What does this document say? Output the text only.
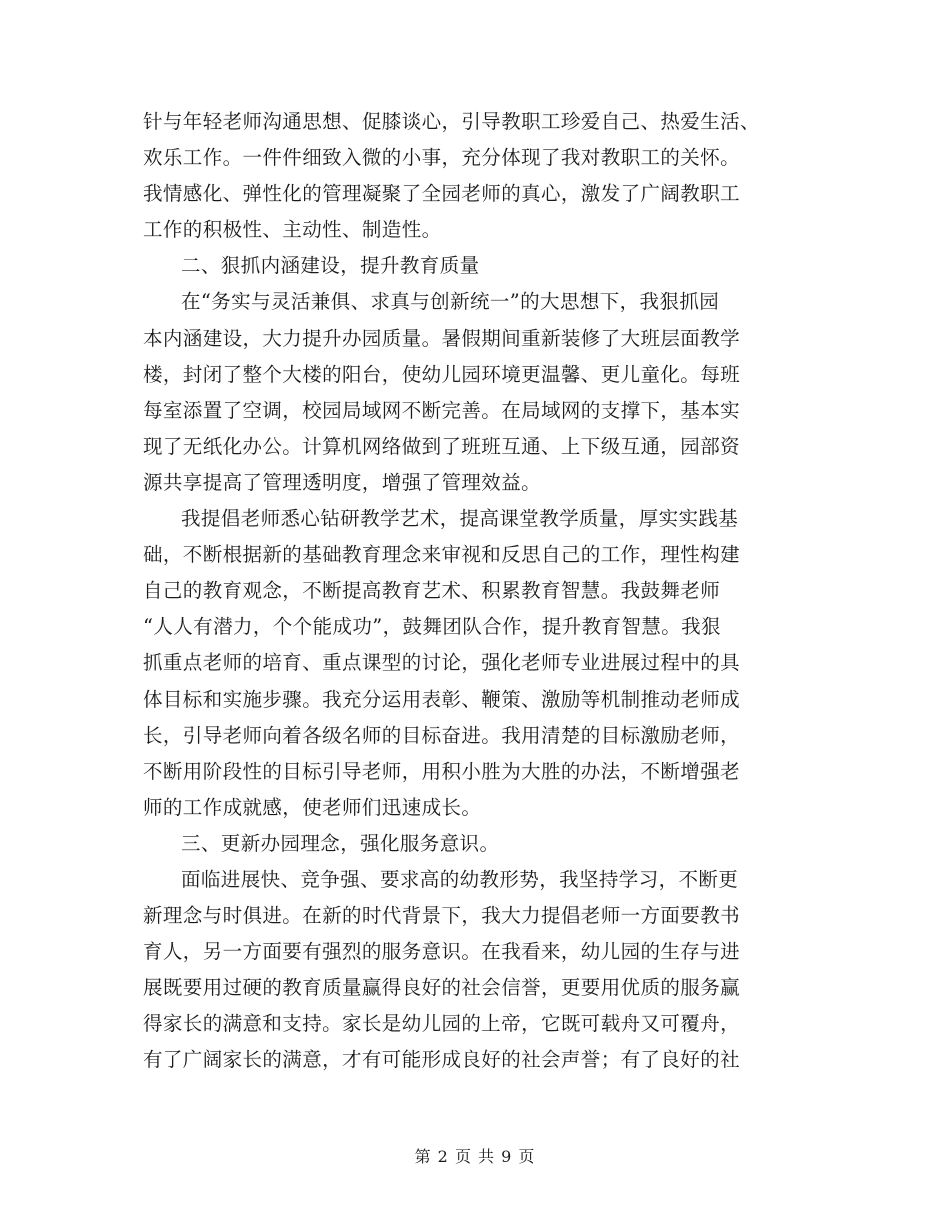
针与年轻老师沟通思想、促膝谈心，引导教职工珍爱自己、热爱生活、
欢乐工作。一件件细致入微的小事，充分体现了我对教职工的关怀。
我情感化、弹性化的管理凝聚了全园老师的真心，激发了广阔教职工
工作的积极性、主动性、制造性。
二、狠抓内涵建设，提升教育质量
在“务实与灵活兼俱、求真与创新统一”的大思想下，我狠抓园
本内涵建设，大力提升办园质量。暑假期间重新装修了大班层面教学
楼，封闭了整个大楼的阳台，使幼儿园环境更温馨、更儿童化。每班
每室添置了空调，校园局域网不断完善。在局域网的支撑下，基本实
现了无纸化办公。计算机网络做到了班班互通、上下级互通，园部资
源共享提高了管理透明度，增强了管理效益。
我提倡老师悉心钻研教学艺术，提高课堂教学质量，厚实实践基
础，不断根据新的基础教育理念来审视和反思自己的工作，理性构建
自己的教育观念，不断提高教育艺术、积累教育智慧。我鼓舞老师
“人人有潜力，个个能成功”，鼓舞团队合作，提升教育智慧。我狠
抓重点老师的培育、重点课型的讨论，强化老师专业进展过程中的具
体目标和实施步骤。我充分运用表彰、鞭策、激励等机制推动老师成
长，引导老师向着各级名师的目标奋进。我用清楚的目标激励老师，
不断用阶段性的目标引导老师，用积小胜为大胜的办法，不断增强老
师的工作成就感，使老师们迅速成长。
三、更新办园理念，强化服务意识。
面临进展快、竞争强、要求高的幼教形势，我坚持学习，不断更
新理念与时俱进。在新的时代背景下，我大力提倡老师一方面要教书
育人，另一方面要有强烈的服务意识。在我看来，幼儿园的生存与进
展既要用过硬的教育质量赢得良好的社会信誉，更要用优质的服务赢
得家长的满意和支持。家长是幼儿园的上帝，它既可载舟又可覆舟，
有了广阔家长的满意，才有可能形成良好的社会声誉；有了良好的社
第 2 页 共 9 页
